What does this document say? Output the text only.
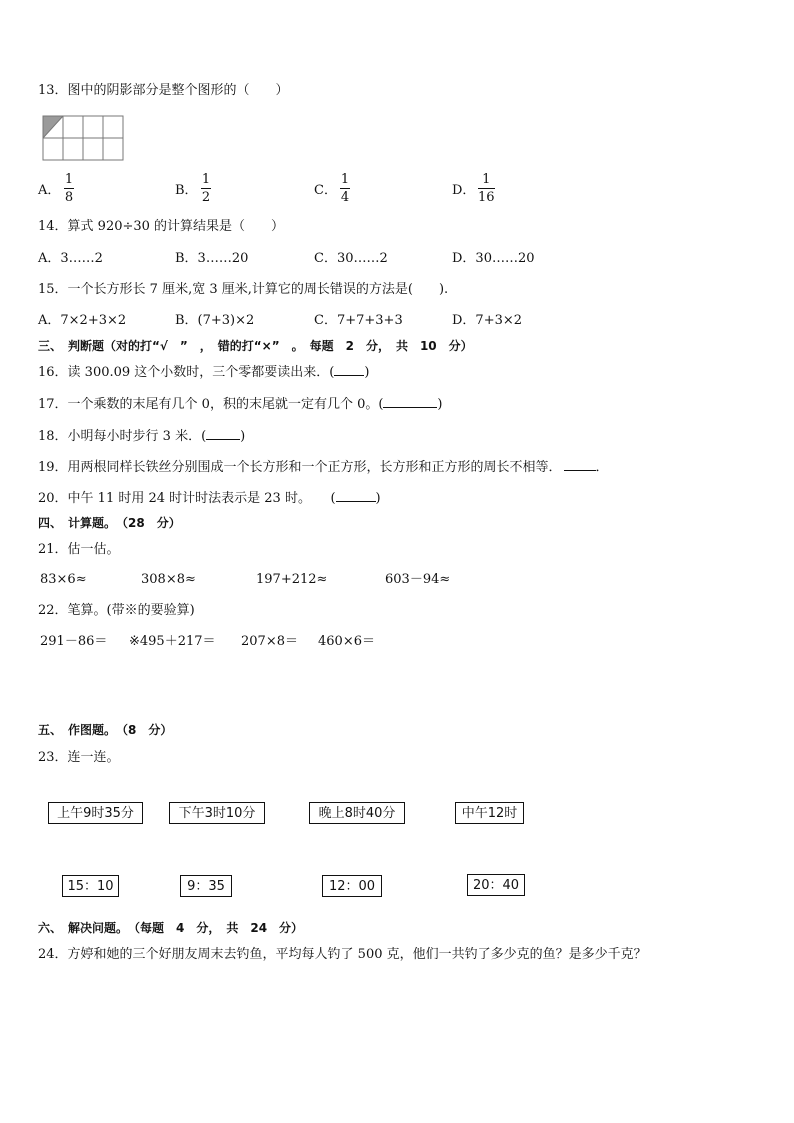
13．图中的阴影部分是整个图形的（　　）
A．
1
8	B．
1
2	C．
1
4	D．
1
16
14．算式 920÷30 的计算结果是（　　）
A．3……2	B．3……20	C．30……2	D．30……20
15．一个长方形长 7 厘米,宽 3 厘米,计算它的周长错误的方法是(　　).
A．7×2+3×2	B．(7+3)×2	C．7+7+3+3	D．7+3×2
三、　判断题（对的打“√　”　，　错的打“×”　。　每题　2　分，　共　10　分）
16．读 300.09 这个小数时，三个零都要读出来．( )
17．一个乘数的末尾有几个 0，积的末尾就一定有几个 0。(	)
18．小明每小时步行 3 米．(	)
19．用两根同样长铁丝分别围成一个长方形和一个正方形，长方形和正方形的周长不相等．	．
20．中午 11 时用 24 时计时法表示是 23 时。　　(	)
四、　计算题。　（28　分）
21．估一估。
83×6≈	308×8≈	197+212≈	603－94≈
22．笔算。(带※的要验算)
291－86＝ ※495＋217＝ 207×8＝ 460×6＝
五、　作图题。　（8　分）
23．连一连。
上午9时35分	下午3时10分	晚上8时40分	中午12时
15：10	9：35	12：00	20：40
六、　解决问题。　（每题　4　分，　共　24　分）
24．方婷和她的三个好朋友周末去钓鱼，平均每人钓了 500 克，他们一共钓了多少克的鱼？是多少千克？
